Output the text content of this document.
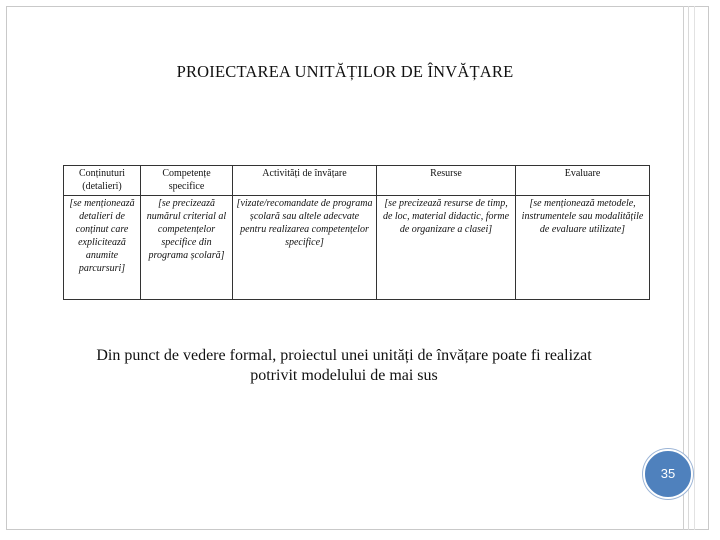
PROIECTAREA UNITĂȚILOR DE ÎNVĂȚARE
Conținuturi (detalieri)	Competențe specifice	Activități de învățare	Resurse	Evaluare
[se menționează detalieri de conținut care explicitează anumite parcursuri]	[se precizează numărul criterial al competențelor specifice din programa școlară]	[vizate/recomandate de programa școlară sau altele adecvate pentru realizarea competențelor specifice]	[se precizează resurse de timp, de loc, material didactic, forme de organizare a clasei]	[se menționează metodele, instrumentele sau modalitățile de evaluare utilizate]
Din punct de vedere formal, proiectul unei unități de învățare poate fi realizat potrivit modelului de mai sus
35
